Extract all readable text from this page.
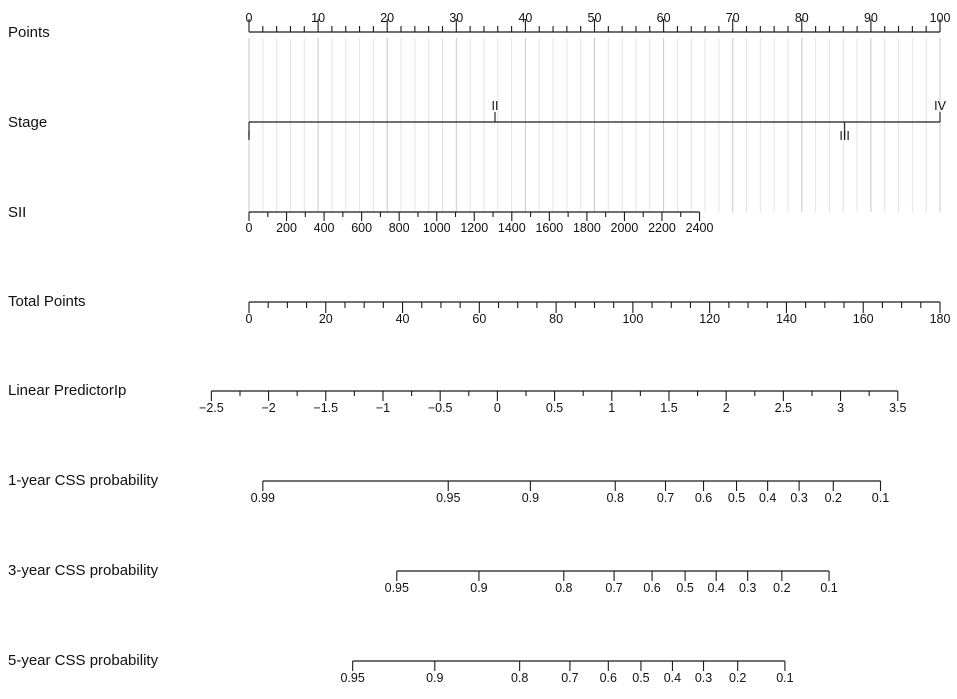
Points
0	10	20	30	40	50	60	70	80	90	100
Stage
I
II
III
IV
SII
0 200 400 600 800 1000 1200 1400 1600 1800 2000 2200 2400
Total Points
0	20	40	60	80	100	120	140	160	180
Linear PredictorIp
−2.5	−2	−1.5	−1	−0.5	0	0.5	1	1.5	2	2.5	3	3.5
1-year CSS probability
0.99	0.95	0.9	0.8	0.7 0.6 0.5 0.4 0.3 0.2 0.1
3-year CSS probability
0.95	0.9	0.8	0.7 0.6 0.5 0.4 0.3 0.2 0.1
5-year CSS probability
0.95	0.9	0.8	0.7 0.6 0.5 0.4 0.3 0.2 0.1
